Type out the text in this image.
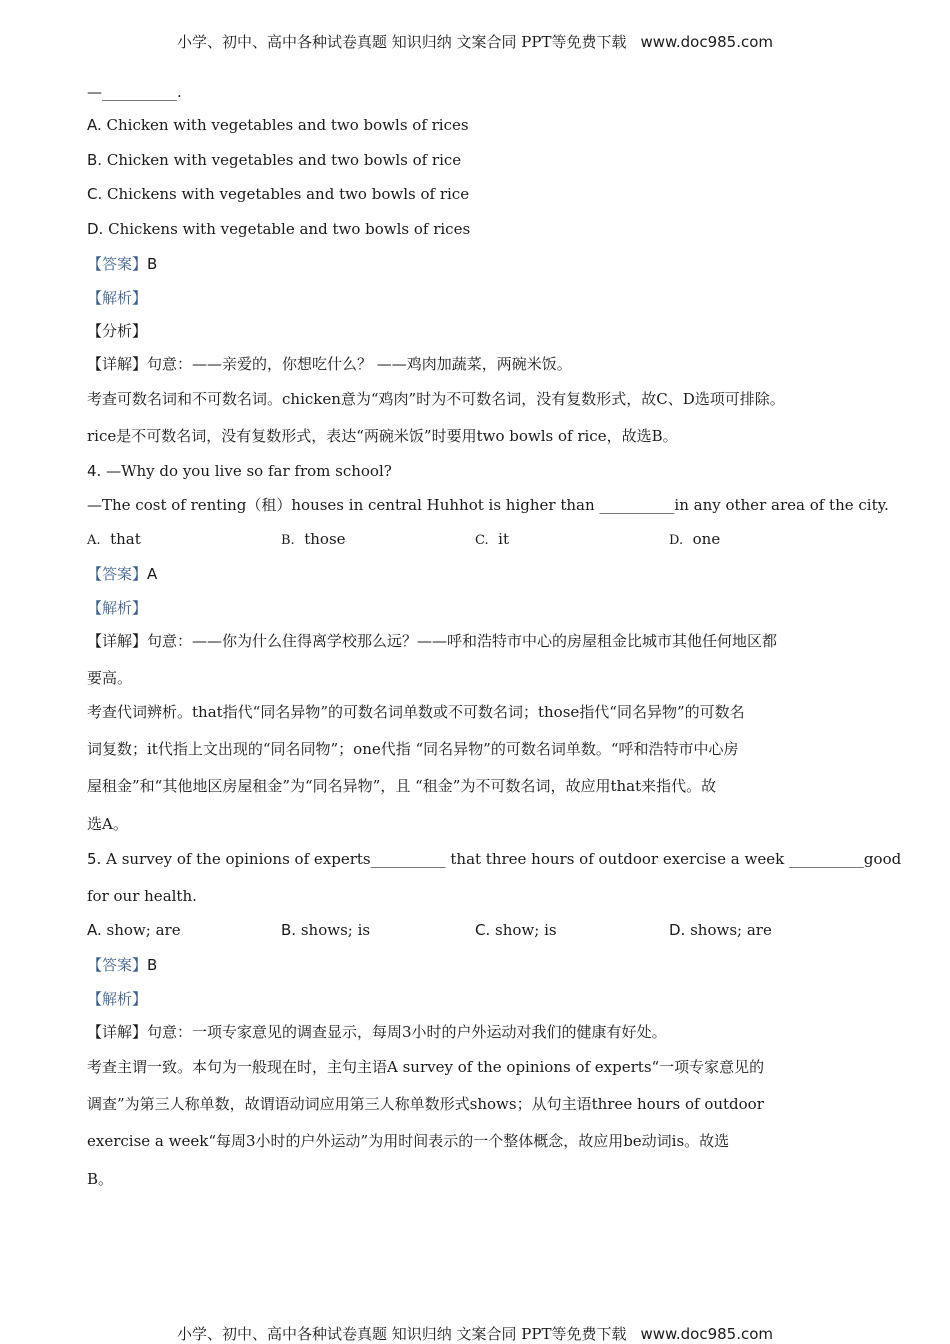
小学、初中、高中各种试卷真题 知识归纳 文案合同 PPT等免费下载 www.doc985.com
—__________.
A. Chicken with vegetables and two bowls of rices
B. Chicken with vegetables and two bowls of rice
C. Chickens with vegetables and two bowls of rice
D. Chickens with vegetable and two bowls of rices
【答案】B
【解析】
【分析】
【详解】句意：——亲爱的，你想吃什么？ ——鸡肉加蔬菜，两碗米饭。
考查可数名词和不可数名词。chicken意为“鸡肉”时为不可数名词，没有复数形式，故C、D选项可排除。
rice是不可数名词，没有复数形式，表达“两碗米饭”时要用two bowls of rice，故选B。
4. —Why do you live so far from school?
—The cost of renting（租）houses in central Huhhot is higher than __________in any other area of the city.
A. that	B. those	C. it	D. one
【答案】A
【解析】
【详解】句意：——你为什么住得离学校那么远？——呼和浩特市中心的房屋租金比城市其他任何地区都
要高。
考查代词辨析。that指代“同名异物”的可数名词单数或不可数名词；those指代“同名异物”的可数名
词复数；it代指上文出现的“同名同物”；one代指 “同名异物”的可数名词单数。“呼和浩特市中心房
屋租金”和“其他地区房屋租金”为“同名异物”，且 “租金”为不可数名词，故应用that来指代。故
选A。
5. A survey of the opinions of experts__________ that three hours of outdoor exercise a week __________good
for our health.
A. show; are	B. shows; is	C. show; is	D. shows; are
【答案】B
【解析】
【详解】句意：一项专家意见的调查显示，每周3小时的户外运动对我们的健康有好处。
考查主谓一致。本句为一般现在时，主句主语A survey of the opinions of experts“一项专家意见的
调查”为第三人称单数，故谓语动词应用第三人称单数形式shows；从句主语three hours of outdoor
exercise a week“每周3小时的户外运动”为用时间表示的一个整体概念，故应用be动词is。故选
B。
小学、初中、高中各种试卷真题 知识归纳 文案合同 PPT等免费下载 www.doc985.com
